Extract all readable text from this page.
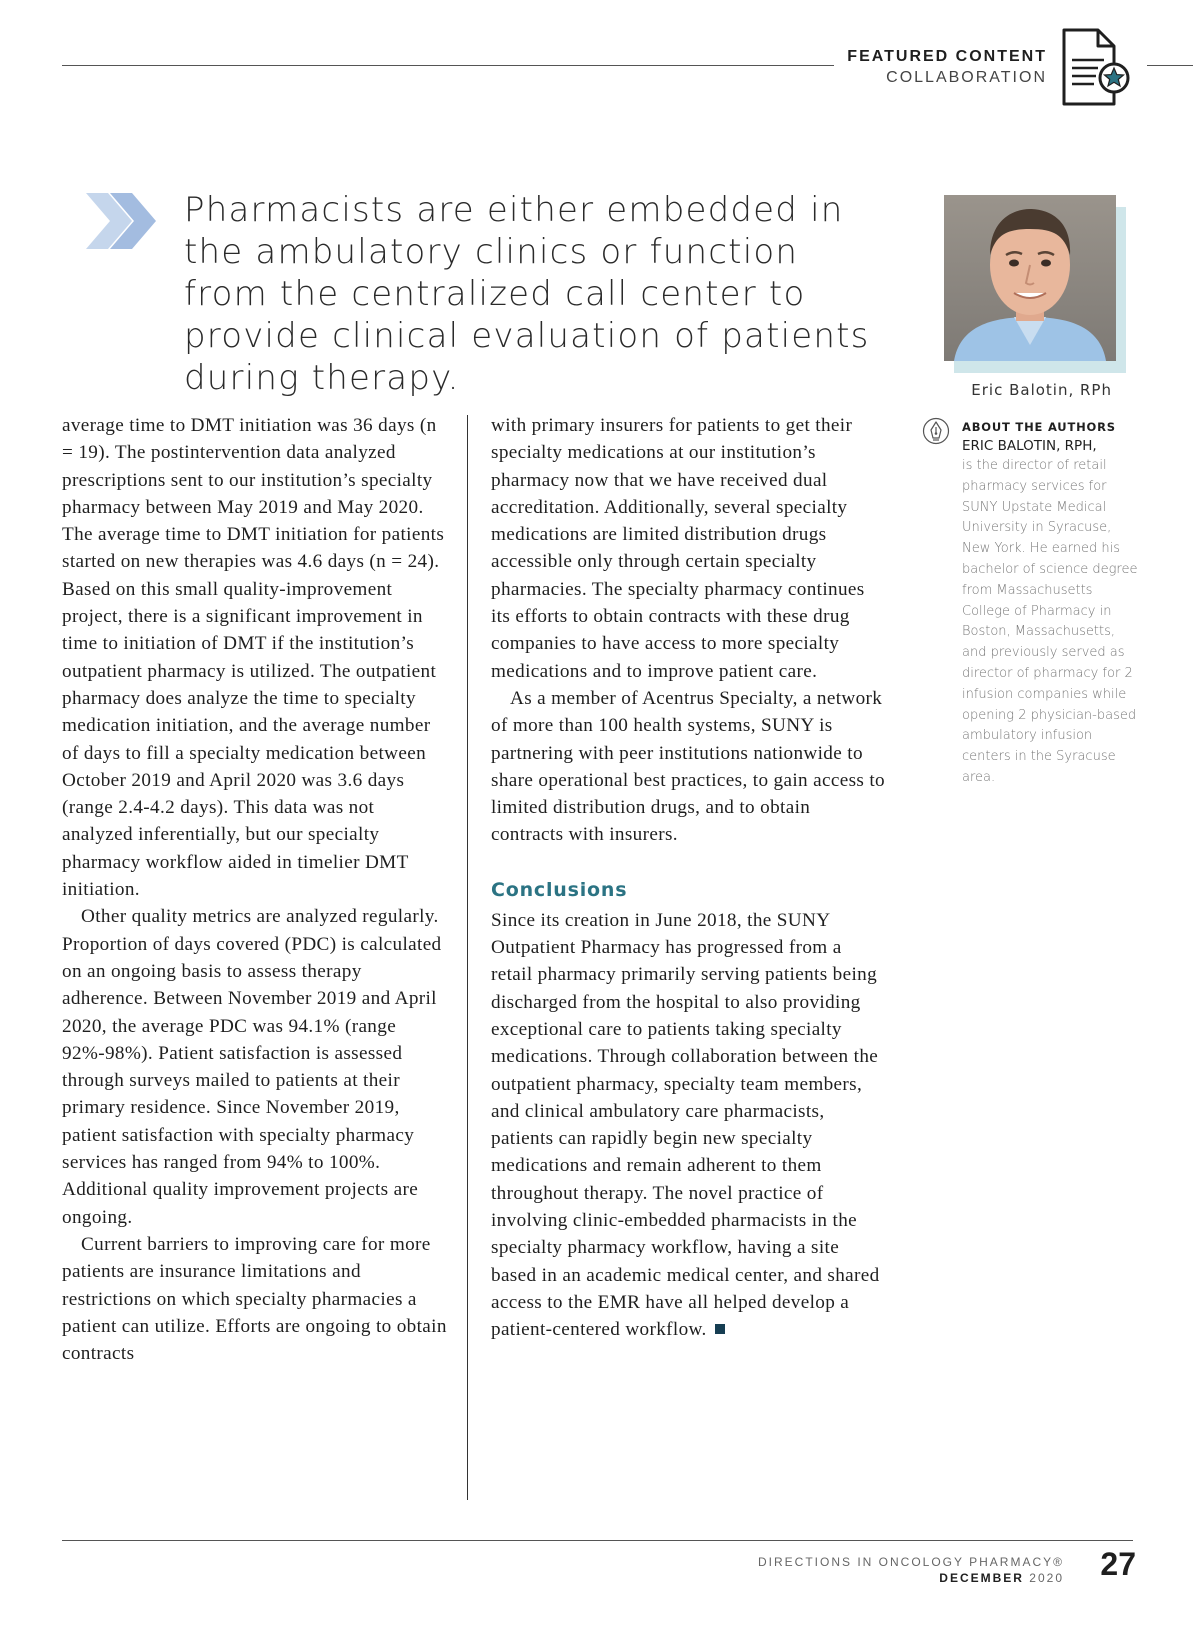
FEATURED CONTENT
COLLABORATION

Pharmacists are either embedded in the ambulatory clinics or function from the centralized call center to provide clinical evaluation of patients during therapy.	Eric Balotin, RPh

average time to DMT initiation was 36 days (n = 19). The postintervention data analyzed prescriptions sent to our institution’s specialty pharmacy between May 2019 and May 2020. The average time to DMT initiation for patients started on new therapies was 4.6 days (n = 24). Based on this small quality-improvement project, there is a significant improvement in time to initiation of DMT if the institution’s outpatient pharmacy is utilized. The outpatient pharmacy does analyze the time to specialty medication initiation, and the average number of days to fill a specialty medication between October 2019 and April 2020 was 3.6 days (range 2.4-4.2 days). This data was not analyzed inferentially, but our specialty pharmacy workflow aided in timelier DMT initiation.

Other quality metrics are analyzed regularly. Proportion of days covered (PDC) is calculated on an ongoing basis to assess therapy adherence. Between November 2019 and April 2020, the average PDC was 94.1% (range 92%-98%). Patient satisfaction is assessed through surveys mailed to patients at their primary residence. Since November 2019, patient satisfaction with specialty pharmacy services has ranged from 94% to 100%. Additional quality improvement projects are ongoing.

Current barriers to improving care for more patients are insurance limitations and restrictions on which specialty pharmacies a patient can utilize. Efforts are ongoing to obtain contracts

with primary insurers for patients to get their specialty medications at our institution’s pharmacy now that we have received dual accreditation. Additionally, several specialty medications are limited distribution drugs accessible only through certain specialty pharmacies. The specialty pharmacy continues its efforts to obtain contracts with these drug companies to have access to more specialty medications and to improve patient care.

As a member of Acentrus Specialty, a network of more than 100 health systems, SUNY is partnering with peer institutions nationwide to share operational best practices, to gain access to limited distribution drugs, and to obtain contracts with insurers.

Conclusions

Since its creation in June 2018, the SUNY Outpatient Pharmacy has progressed from a retail pharmacy primarily serving patients being discharged from the hospital to also providing exceptional care to patients taking specialty medications. Through collaboration between the outpatient pharmacy, specialty team members, and clinical ambulatory care pharmacists, patients can rapidly begin new specialty medications and remain adherent to them throughout therapy. The novel practice of involving clinic-embedded pharmacists in the specialty pharmacy workflow, having a site based in an academic medical center, and shared access to the EMR have all helped develop a patient-centered workflow.

ABOUT THE AUTHORS
ERIC BALOTIN, RPH,
is the director of retail pharmacy services for SUNY Upstate Medical University in Syracuse, New York. He earned his bachelor of science degree from Massachusetts College of Pharmacy in Boston, Massachusetts, and previously served as director of pharmacy for 2 infusion companies while opening 2 physician-based ambulatory infusion centers in the Syracuse area.
DIRECTIONS IN ONCOLOGY PHARMACY®
DECEMBER 2020 27
